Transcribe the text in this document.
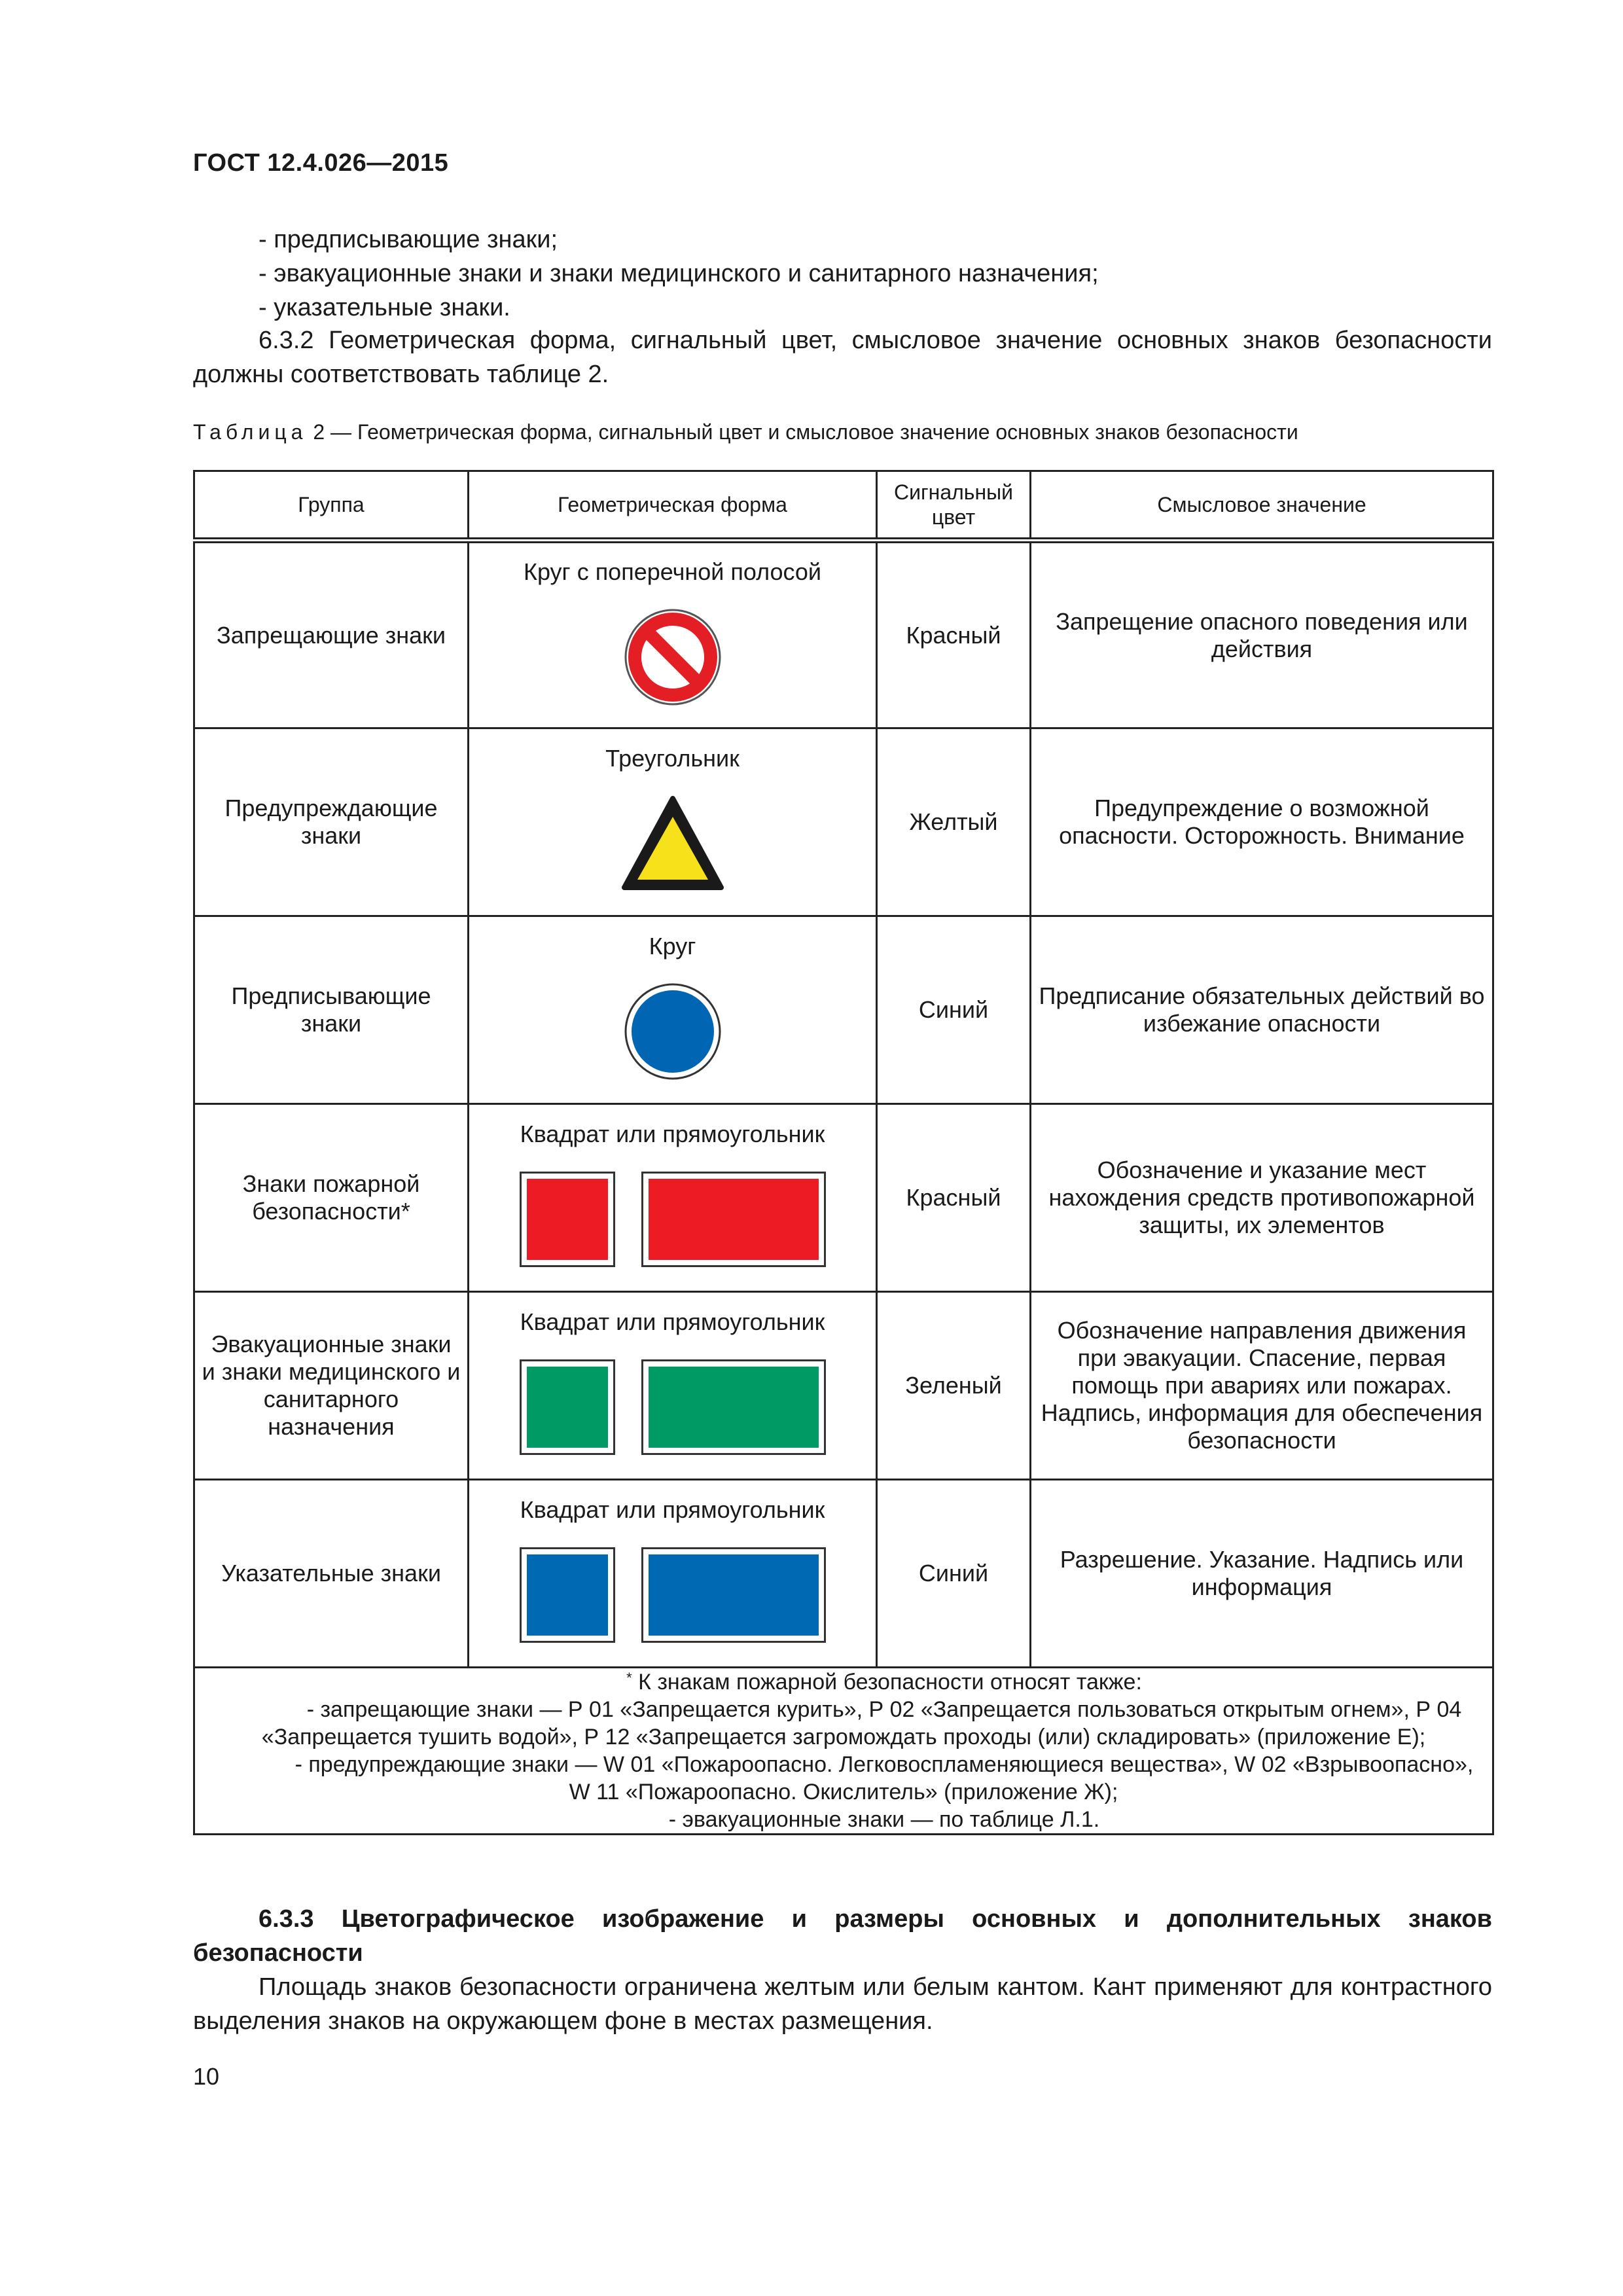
ГОСТ 12.4.026—2015
- предписывающие знаки;
- эвакуационные знаки и знаки медицинского и санитарного назначения;
- указательные знаки.
6.3.2 Геометрическая форма, сигнальный цвет, смысловое значение основных знаков безопасности должны соответствовать таблице 2.
Таблица 2 — Геометрическая форма, сигнальный цвет и смысловое значение основных знаков безопасности
Группа	Геометрическая форма	Сигнальный цвет	Смысловое значение
Запрещающие знаки	Круг с поперечной полосой	Красный	Запрещение опасного поведения или действия
Предупреждающие знаки	Треугольник	Желтый	Предупреждение о возможной опасности. Осторожность. Внимание
Предписывающие знаки	Круг	Синий	Предписание обязательных действий во избежание опасности
Знаки пожарной безопасности*	Квадрат или прямоугольник	Красный	Обозначение и указание мест нахождения средств противопожарной защиты, их элементов
Эвакуационные знаки и знаки медицинского и санитарного назначения	Квадрат или прямоугольник	Зеленый	Обозначение направления движения при эвакуации. Спасение, первая помощь при авариях или пожарах. Надпись, информация для обеспечения безопасности
Указательные знаки	Квадрат или прямоугольник	Синий	Разрешение. Указание. Надпись или информация

* К знакам пожарной безопасности относят также:
- запрещающие знаки — Р 01 «Запрещается курить», Р 02 «Запрещается пользоваться открытым огнем», Р 04 «Запрещается тушить водой», Р 12 «Запрещается загромождать проходы (или) складировать» (приложение Е);
- предупреждающие знаки — W 01 «Пожароопасно. Легковоспламеняющиеся вещества», W 02 «Взрывоопасно», W 11 «Пожароопасно. Окислитель» (приложение Ж);
- эвакуационные знаки — по таблице Л.1.			
6.3.3 Цветографическое изображение и размеры основных и дополнительных знаков безопасности
Площадь знаков безопасности ограничена желтым или белым кантом. Кант применяют для контрастного выделения знаков на окружающем фоне в местах размещения.
10
